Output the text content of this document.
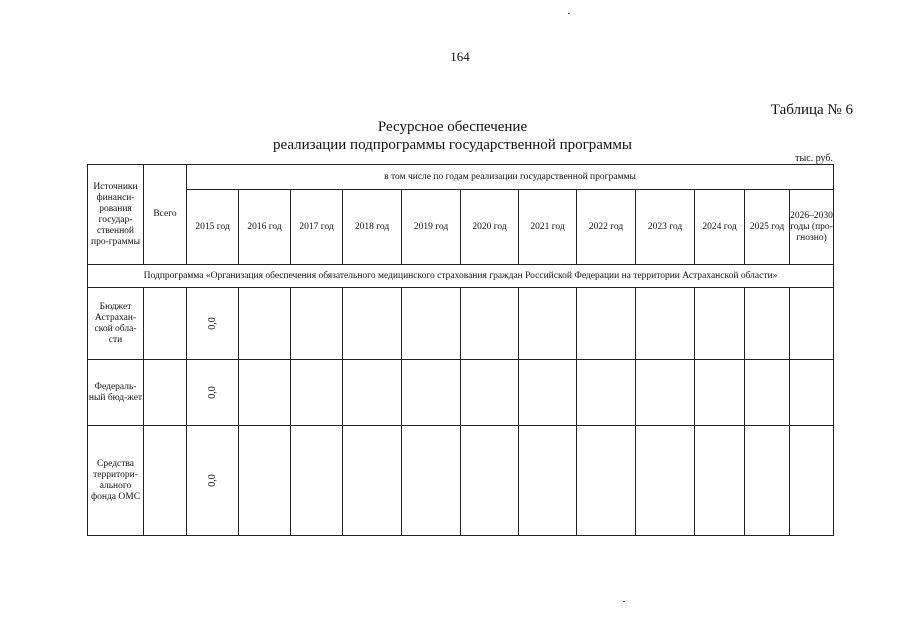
164
Таблица № 6
Ресурсное обеспечение
реализации подпрограммы государственной программы
тыс. руб.
Источники финанси-рования государ-ственной про-граммы	Всего	в том числе по годам реализации государственной программы											
		2015 год	2016 год	2017 год	2018 год	2019 год	2020 год	2021 год	2022 год	2023 год	2024 год	2025 год	2026–2030 годы (про-гнозно)
Подпрограмма «Организация обеспечения обязательного медицинского страхования граждан Российской Федерации на территории Астраханской области»													
Бюджет Астрахан-ской обла-сти		0,0											
Федераль-ный бюд-жет		0,0											
Средства территори-ального фонда ОМС		0,0											
